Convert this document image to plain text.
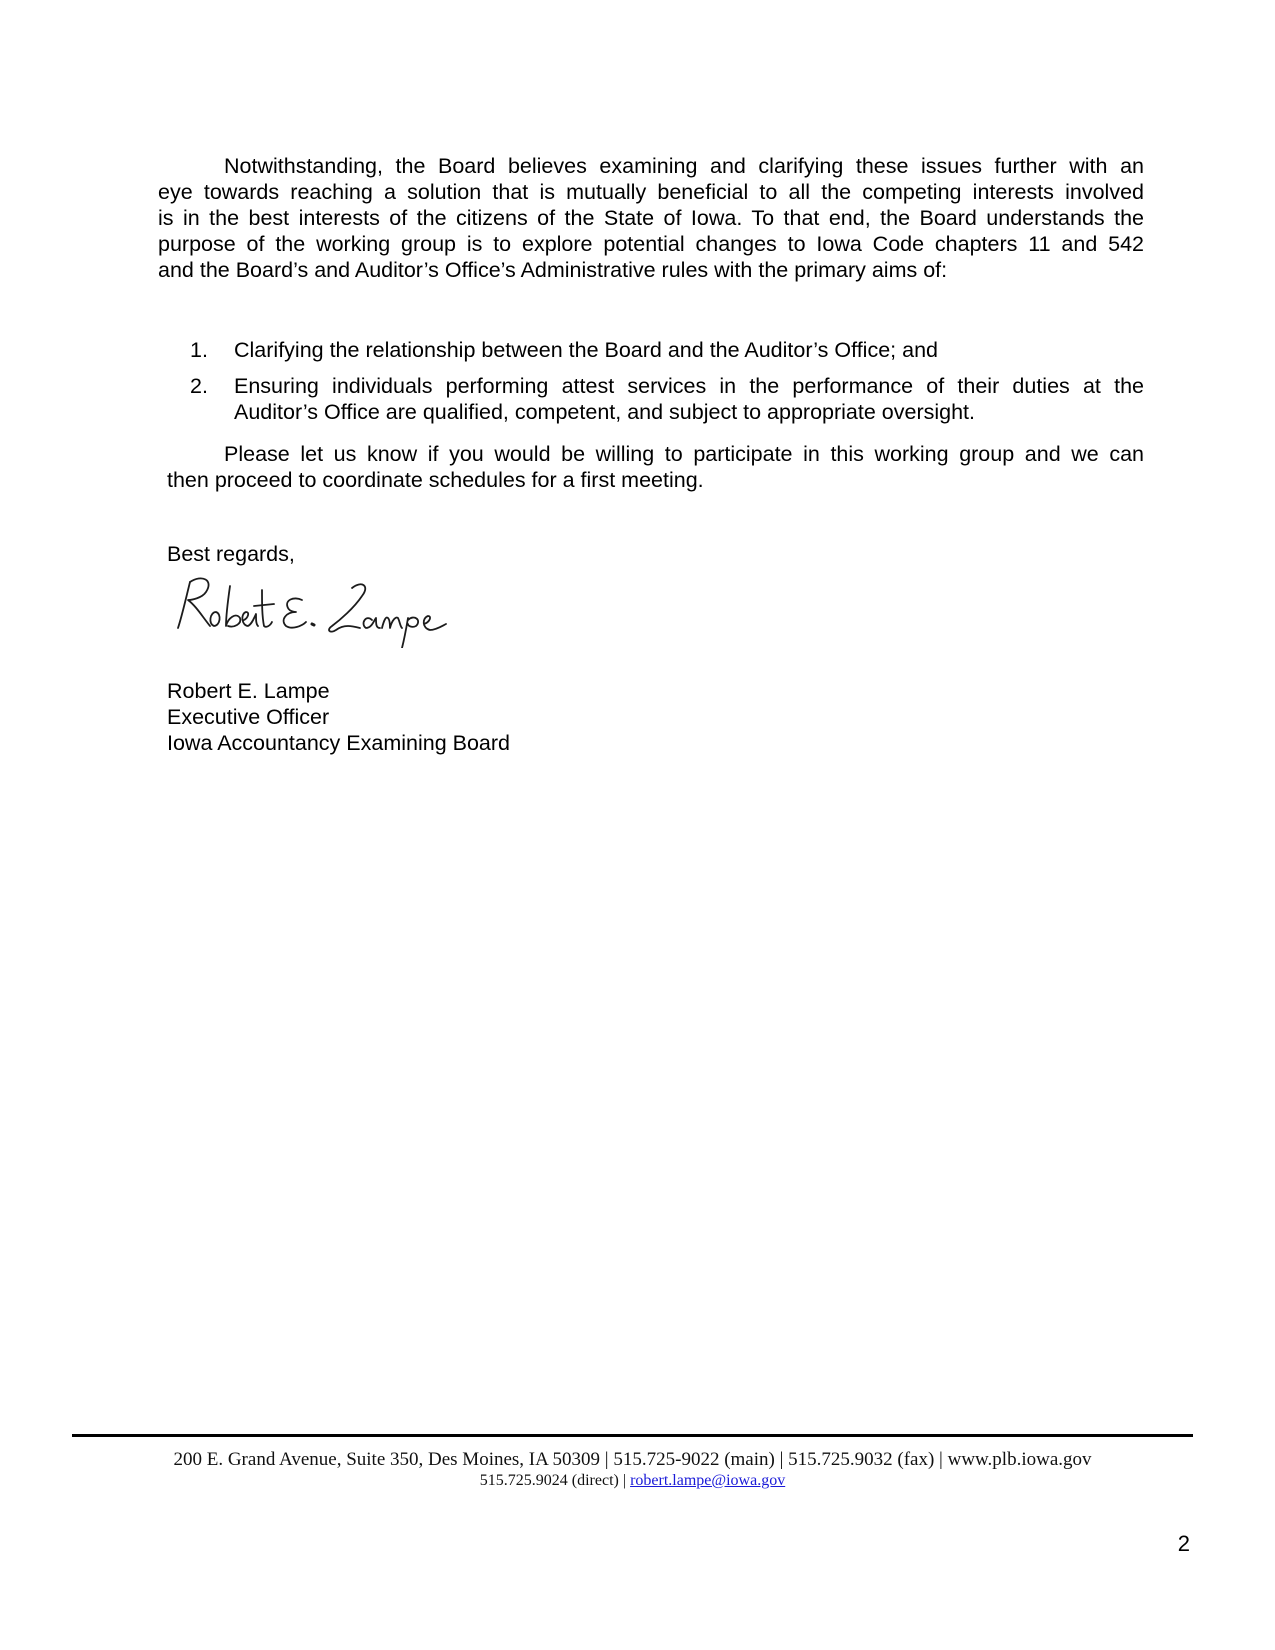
Notwithstanding, the Board believes examining and clarifying these issues further with an
eye towards reaching a solution that is mutually beneficial to all the competing interests involved
is in the best interests of the citizens of the State of Iowa. To that end, the Board understands the
purpose of the working group is to explore potential changes to Iowa Code chapters 11 and 542
and the Board’s and Auditor’s Office’s Administrative rules with the primary aims of:
1. Clarifying the relationship between the Board and the Auditor’s Office; and
2. Ensuring individuals performing attest services in the performance of their duties at the
Auditor’s Office are qualified, competent, and subject to appropriate oversight.
Please let us know if you would be willing to participate in this working group and we can
then proceed to coordinate schedules for a first meeting.
Best regards,
Robert E. Lampe
Executive Officer
Iowa Accountancy Examining Board
200 E. Grand Avenue, Suite 350, Des Moines, IA 50309 | 515.725-9022 (main) | 515.725.9032 (fax) | www.plb.iowa.gov
515.725.9024 (direct) | robert.lampe@iowa.gov
2
